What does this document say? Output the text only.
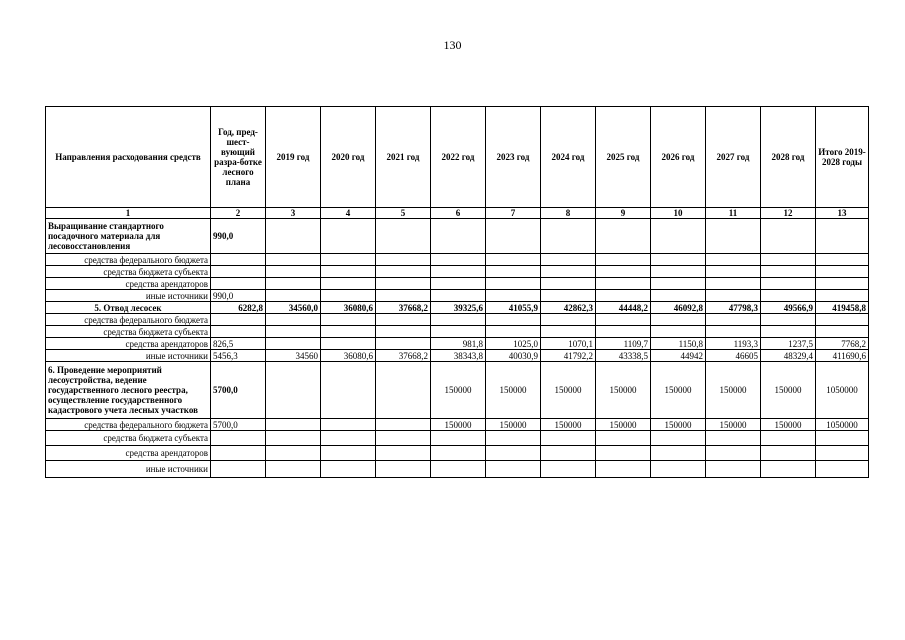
130
Направления расходования средств	Год, пред-шест-вующий разра-ботке лесного плана	2019 год	2020 год	2021 год	2022 год	2023 год	2024 год	2025 год	2026 год	2027 год	2028 год	Итого 2019-2028 годы
1	2	3	4	5	6	7	8	9	10	11	12	13
Выращивание стандартного посадочного материала для лесовосстановления	990,0											
средства федерального бюджета												
средства бюджета субъекта												
средства арендаторов												
иные источники	990,0											
5. Отвод лесосек	6282,8	34560,0	36080,6	37668,2	39325,6	41055,9	42862,3	44448,2	46092,8	47798,3	49566,9	419458,8
средства федерального бюджета												
средства бюджета субъекта												
средства арендаторов	826,5				981,8	1025,0	1070,1	1109,7	1150,8	1193,3	1237,5	7768,2
иные источники	5456,3	34560	36080,6	37668,2	38343,8	40030,9	41792,2	43338,5	44942	46605	48329,4	411690,6
6. Проведение мероприятий лесоустройства, ведение государственного лесного реестра, осуществление государственного кадастрового учета лесных участков	5700,0				150000	150000	150000	150000	150000	150000	150000	1050000
средства федерального бюджета	5700,0				150000	150000	150000	150000	150000	150000	150000	1050000
средства бюджета субъекта												
средства арендаторов												
иные источники												
